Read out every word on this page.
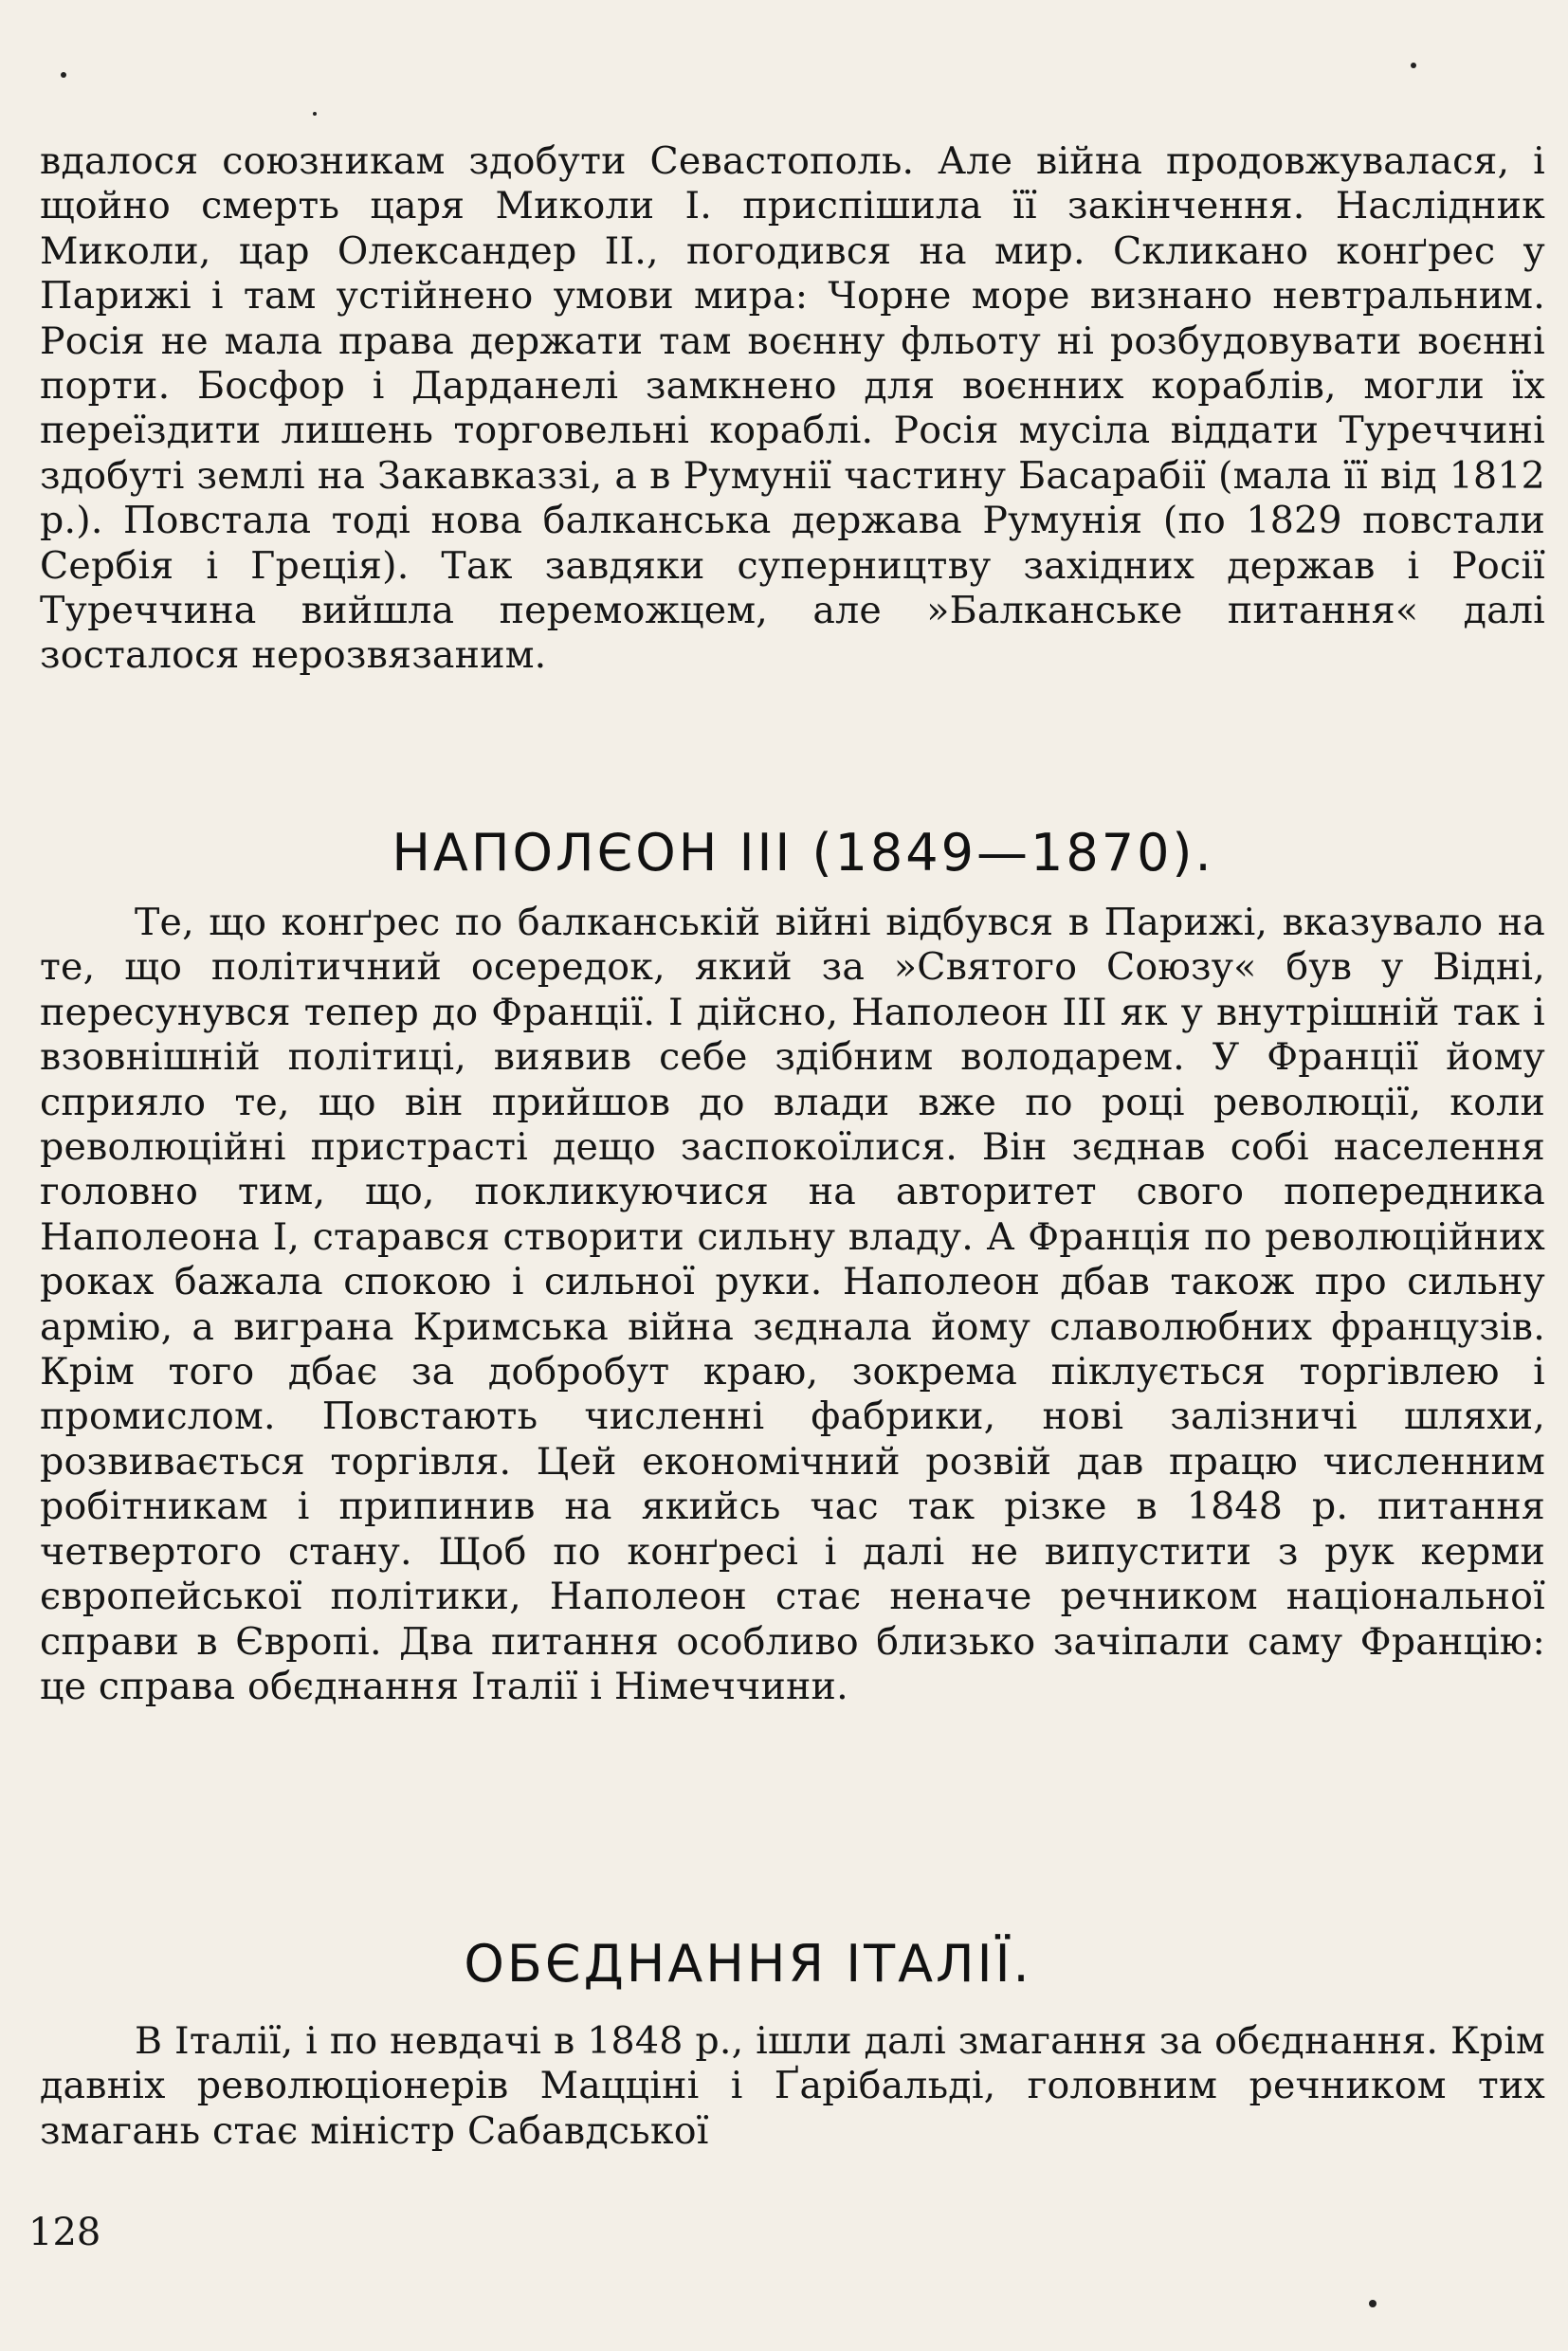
вдалося союзникам здобути Севастополь. Але війна продовжувалася, і щойно смерть царя Миколи І. приспішила її закінчення. Наслідник Миколи, цар Олександер II., погодився на мир. Скликано конґрес у Парижі і там устійнено умови мира: Чорне море визнано невтральним. Росія не мала права держати там воєнну фльоту ні розбудовувати воєнні порти. Босфор і Дарданелі замкнено для воєнних кораблів, могли їх переїздити лишень торговельні кораблі. Росія мусіла віддати Туреччині здобуті землі на Закавказзі, а в Румунії частину Басарабії (мала її від 1812 р.). Повстала тоді нова балканська держава Румунія (по 1829 повстали Сербія і Греція). Так завдяки суперництву західних держав і Росії Туреччина вийшла переможцем, але »Балканське питання« далі зосталося нерозвязаним.

НАПОЛЄОН III (1849—1870).

Те, що конґрес по балканській війні відбувся в Парижі, вказувало на те, що політичний осередок, який за »Святого Союзу« був у Відні, пересунувся тепер до Франції. І дійсно, Наполеон III як у внутрішній так і взовнішній політиці, виявив себе здібним володарем. У Франції йому сприяло те, що він прийшов до влади вже по році революції, коли революційні пристрасті дещо заспокоїлися. Він зєднав собі населення головно тим, що, покликуючися на авторитет свого попередника Наполеона І, старався створити сильну владу. А Франція по революційних роках бажала спокою і сильної руки. Наполеон дбав також про сильну армію, а виграна Кримська війна зєднала йому славолюбних французів. Крім того дбає за добробут краю, зокрема піклується торгівлею і промислом. Повстають численні фабрики, нові залізничі шляхи, розвивається торгівля. Цей економічний розвій дав працю численним робітникам і припинив на якийсь час так різке в 1848 р. питання четвертого стану. Щоб по конґресі і далі не випустити з рук керми європейської політики, Наполеон стає неначе речником національної справи в Європі. Два питання особливо близько зачіпали саму Францію: це справа обєднання Італії і Німеччини.

ОБЄДНАННЯ ІТАЛІЇ.

В Італії, і по невдачі в 1848 р., ішли далі змагання за обєднання. Крім давніх революціонерів Мацціні і Ґарібальді, головним речником тих змагань стає міністр Сабавдської

128
